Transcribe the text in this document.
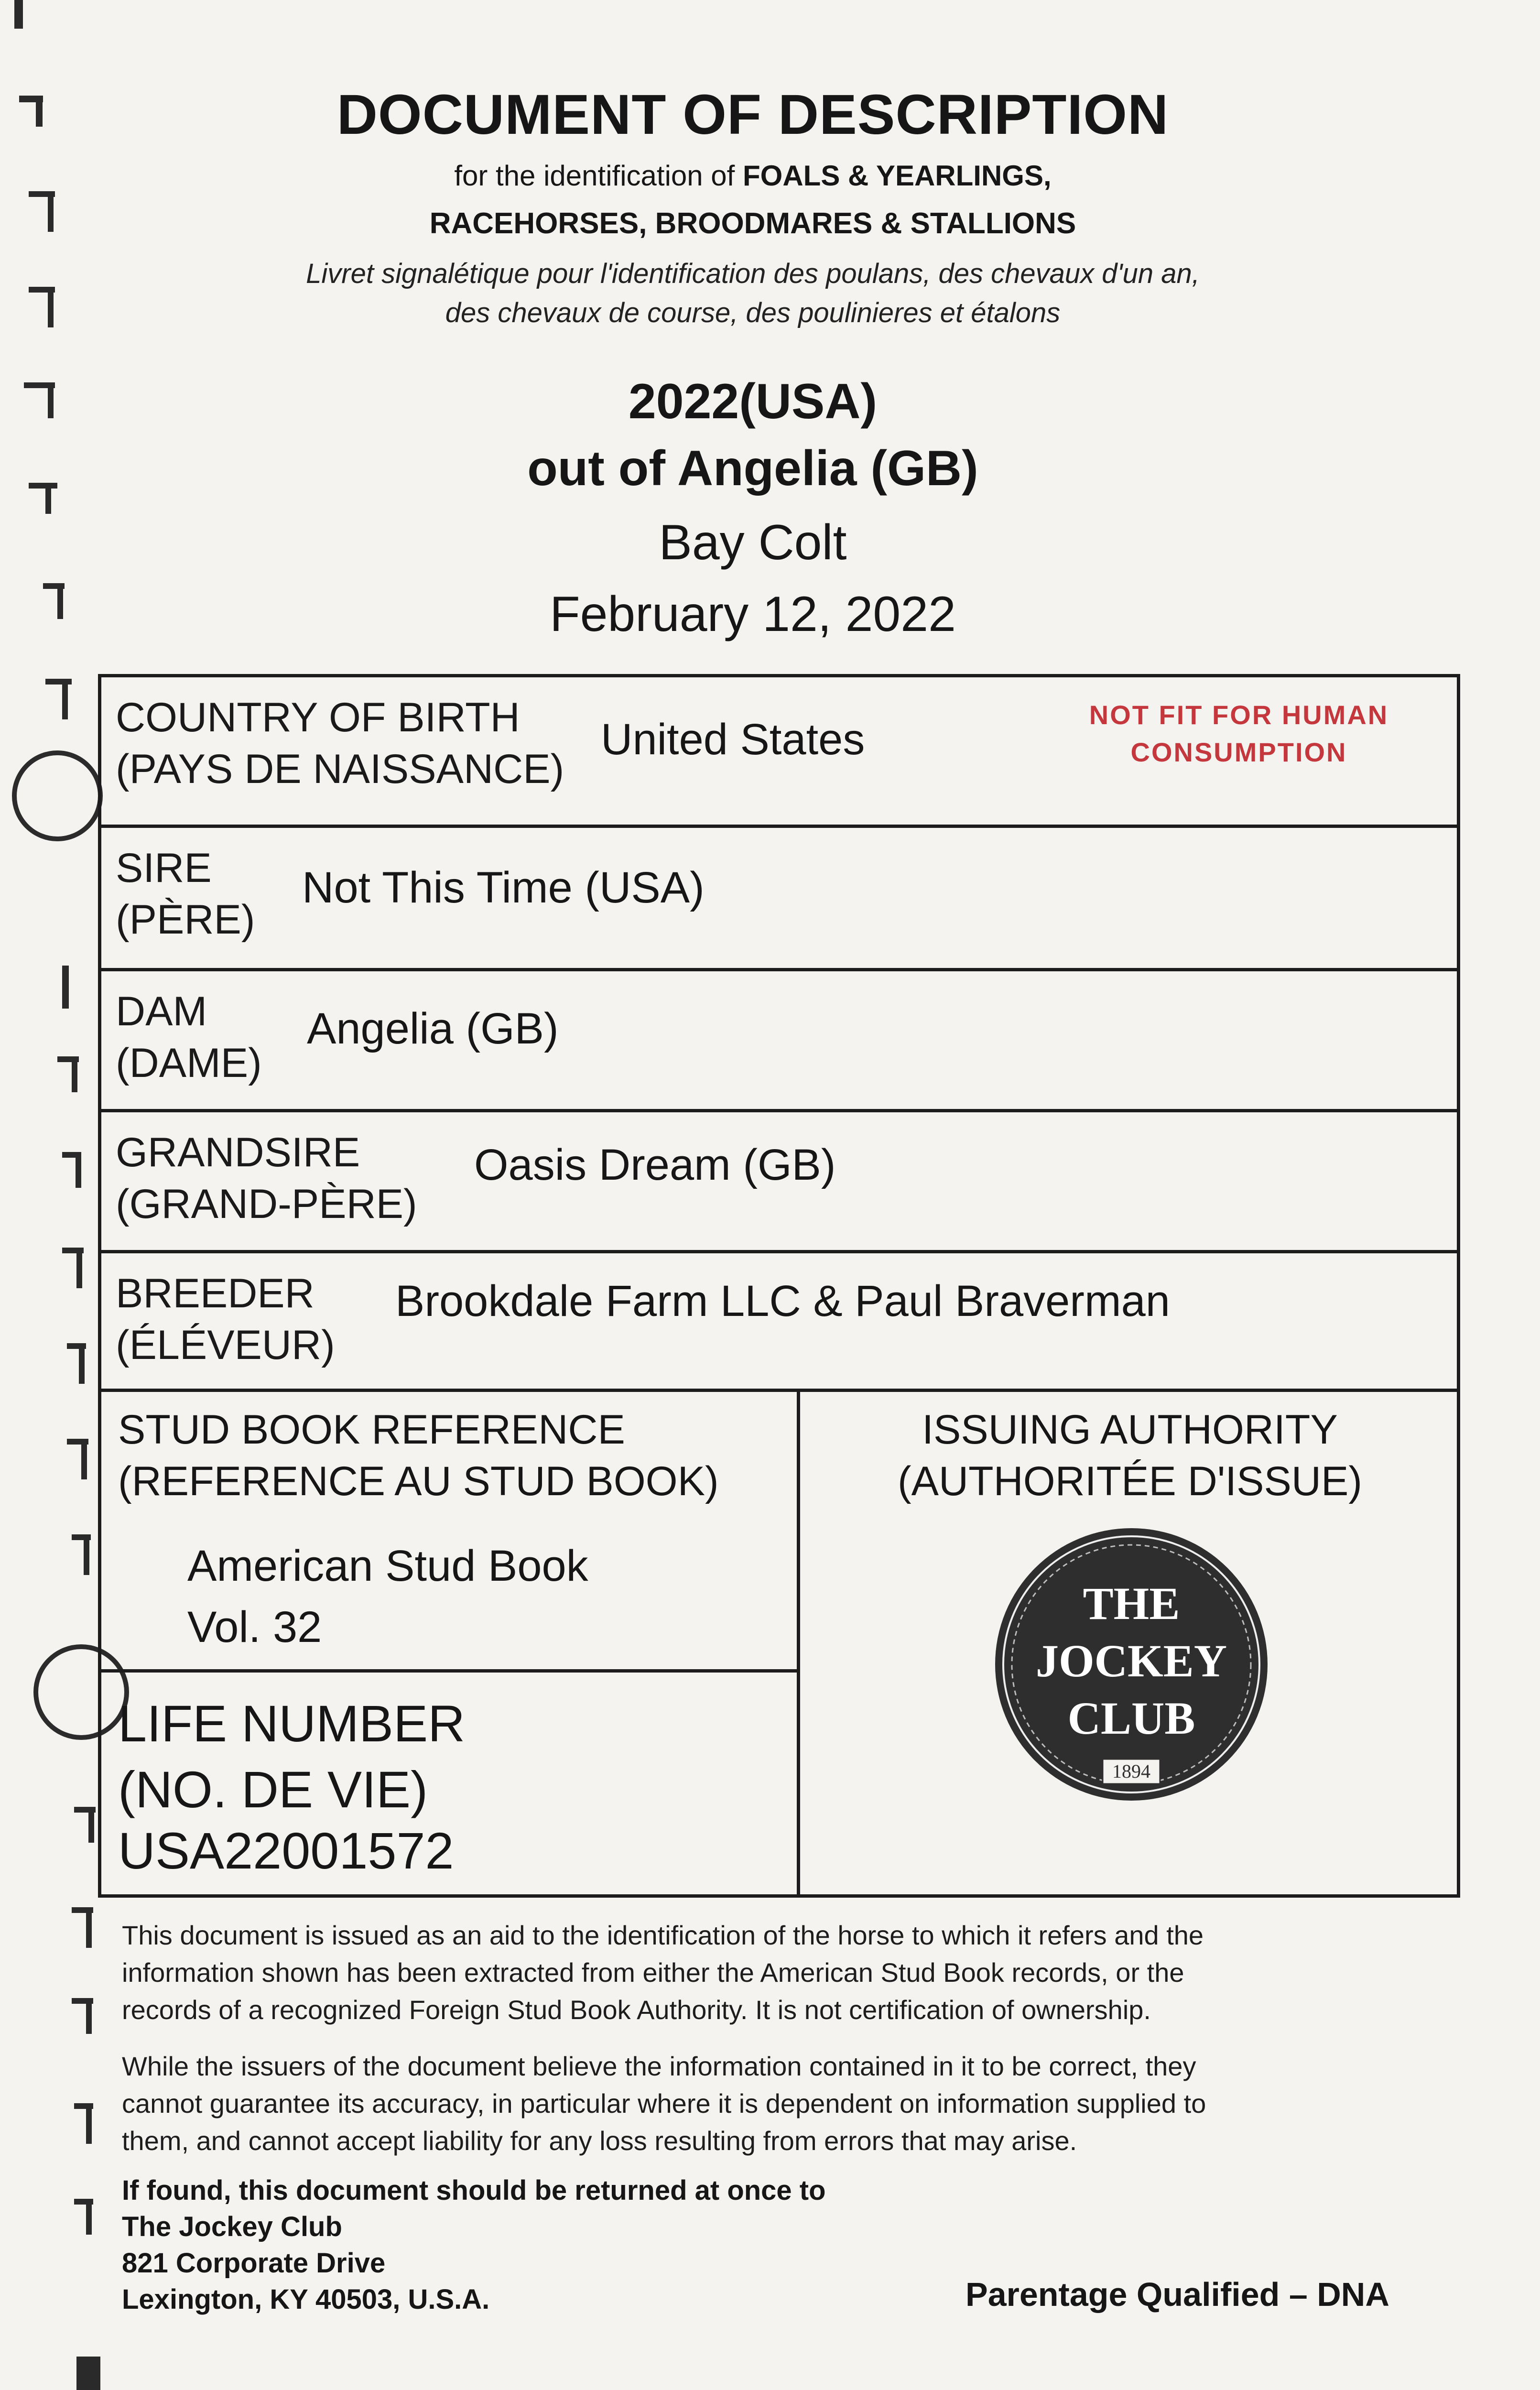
DOCUMENT OF DESCRIPTION
for the identification of FOALS & YEARLINGS,
RACEHORSES, BROODMARES & STALLIONS
Livret signalétique pour l'identification des poulans, des chevaux d'un an,
des chevaux de course, des poulinieres et étalons
2022(USA)
out of Angelia (GB)
Bay Colt
February 12, 2022
COUNTRY OF BIRTH
(PAYS DE NAISSANCE)
United States
NOT FIT FOR HUMAN
CONSUMPTION
SIRE
(PÈRE)
Not This Time (USA)
DAM
(DAME)
Angelia (GB)
GRANDSIRE
(GRAND-PÈRE)
Oasis Dream (GB)
BREEDER
(ÉLÉVEUR)
Brookdale Farm LLC & Paul Braverman
STUD BOOK REFERENCE
(REFERENCE AU STUD BOOK)
American Stud Book
Vol. 32
LIFE NUMBER
(NO. DE VIE)
USA22001572
ISSUING AUTHORITY
(AUTHORITÉE D'ISSUE)
THE
JOCKEY
CLUB
1894

This document is issued as an aid to the identification of the horse to which it refers and the
information shown has been extracted from either the American Stud Book records, or the
records of a recognized Foreign Stud Book Authority. It is not certification of ownership.

While the issuers of the document believe the information contained in it to be correct, they
cannot guarantee its accuracy, in particular where it is dependent on information supplied to
them, and cannot accept liability for any loss resulting from errors that may arise.

If found, this document should be returned at once to
The Jockey Club
821 Corporate Drive
Lexington, KY 40503, U.S.A.	Parentage Qualified – DNA
